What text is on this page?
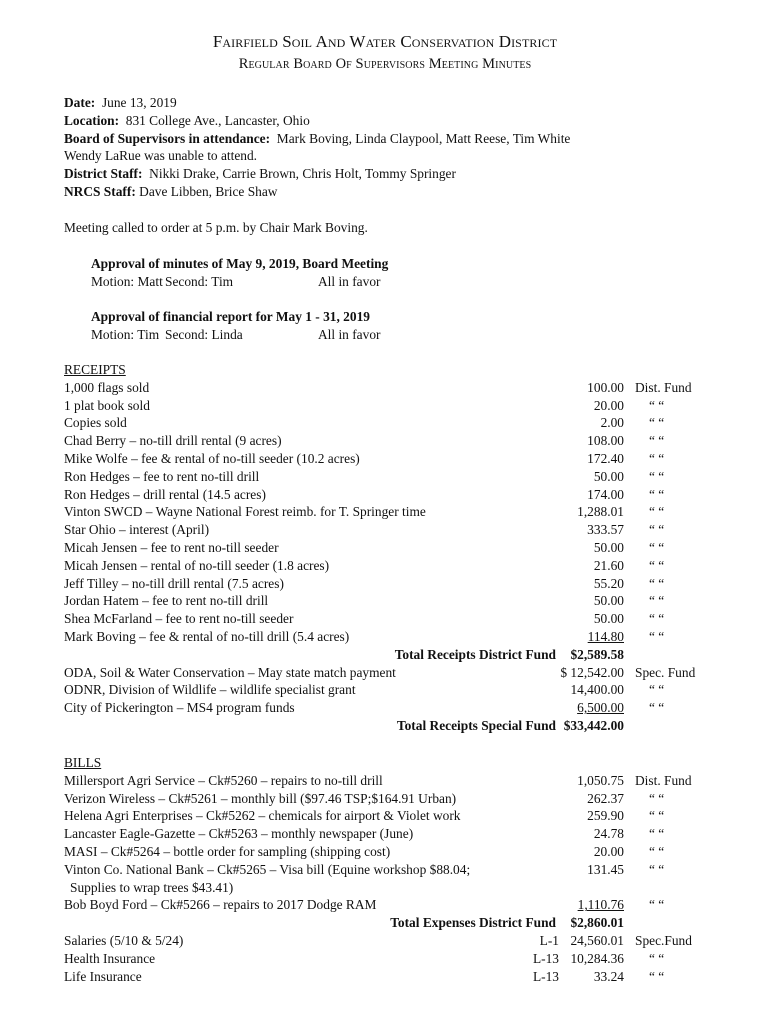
Fairfield Soil And Water Conservation District
Regular Board Of Supervisors Meeting Minutes
Date: June 13, 2019
Location: 831 College Ave., Lancaster, Ohio
Board of Supervisors in attendance: Mark Boving, Linda Claypool, Matt Reese, Tim White
Wendy LaRue was unable to attend.
District Staff: Nikki Drake, Carrie Brown, Chris Holt, Tommy Springer
NRCS Staff: Dave Libben, Brice Shaw
Meeting called to order at 5 p.m. by Chair Mark Boving.
Approval of minutes of May 9, 2019, Board Meeting
Motion: Matt Second: Tim	All in favor
Approval of financial report for May 1 - 31, 2019
Motion: Tim Second: Linda	All in favor
RECEIPTS
1,000 flags sold	100.00 Dist. Fund
1 plat book sold	20.00 “ “
Copies sold	2.00 “ “
Chad Berry – no-till drill rental (9 acres)	108.00 “ “
Mike Wolfe – fee & rental of no-till seeder (10.2 acres)	172.40 “ “
Ron Hedges – fee to rent no-till drill	50.00 “ “
Ron Hedges – drill rental (14.5 acres)	174.00 “ “
Vinton SWCD – Wayne National Forest reimb. for T. Springer time	1,288.01 “ “
Star Ohio – interest (April)	333.57 “ “
Micah Jensen – fee to rent no-till seeder	50.00 “ “
Micah Jensen – rental of no-till seeder (1.8 acres)	21.60 “ “
Jeff Tilley – no-till drill rental (7.5 acres)	55.20 “ “
Jordan Hatem – fee to rent no-till drill	50.00 “ “
Shea McFarland – fee to rent no-till seeder	50.00 “ “
Mark Boving – fee & rental of no-till drill (5.4 acres)	114.80 “ “
Total Receipts District Fund $2,589.58
ODA, Soil & Water Conservation – May state match payment	$ 12,542.00 Spec. Fund
ODNR, Division of Wildlife – wildlife specialist grant	14,400.00 “ “
City of Pickerington – MS4 program funds	6,500.00 “ “
Total Receipts Special Fund $33,442.00
BILLS
Millersport Agri Service – Ck#5260 – repairs to no-till drill	1,050.75 Dist. Fund
Verizon Wireless – Ck#5261 – monthly bill ($97.46 TSP;$164.91 Urban)	262.37 “ “
Helena Agri Enterprises – Ck#5262 – chemicals for airport & Violet work	259.90 “ “
Lancaster Eagle-Gazette – Ck#5263 – monthly newspaper (June)	24.78 “ “
MASI – Ck#5264 – bottle order for sampling (shipping cost)	20.00 “ “
Vinton Co. National Bank – Ck#5265 – Visa bill (Equine workshop $88.04;	131.45 “ “
Supplies to wrap trees $43.41)
Bob Boyd Ford – Ck#5266 – repairs to 2017 Dodge RAM	1,110.76 “ “
Total Expenses District Fund $2,860.01
Salaries (5/10 & 5/24)	L-1 24,560.01 Spec.Fund
Health Insurance	L-13 10,284.36 “ “
Life Insurance	L-13	33.24 “ “
